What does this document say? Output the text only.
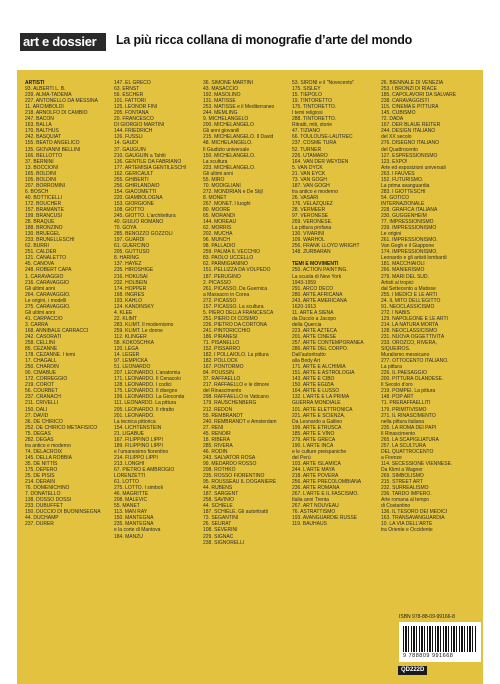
art e dossier	La più ricca collana di monografie d’arte del mondo
ARTISTI
93. ALBERTI L. B.
239. ALMA-TADEMA
227. ANTONELLO DA MESSINA
11. ARCIMBOLDI
218. ARNOLFO DI CAMBIO
247. BACON
163. BALLA
170. BALTHUS
242. BASQUIAT
155. BEATO ANGELICO
135. GIOVANNI BELLINI
166. BELLOTTO
37. BERNINI
13. BOCCIONI
165. BOLDINI
105. BOLDINI
207. BORROMINI
6. BOSCH
40. BOTTICELLI
172. BOUCHER
157. BRAMANTE
199. BRANCUSI
28. BRAQUE
188. BRONZINO
130. BRUEGEL
233. BRUNELLESCHI
62. BURRI
251. CALDER
121. CANALETTO
45. CANOVA
248. ROBERT CAPA
1. CARAVAGGIO
216. CARAVAGGIO
Gli ultimi anni
264. CARAVAGGIO.
Le origini, i modelli
275. CARAVAGGIO.
Gli ultimi anni
41. CARPACCIO
3. CARRÀ
168. ANNIBALE CARRACCI
242. CASORATI
258. CELLINI
85. CÉZANNE
178. CÉZANNE. I temi
17. CHAGALL
250. CHARDIN
90. CIMABUE
172. CORREGGIO
219. COROT
56. COURBET
237. CRANACH
211. CRIVELLI
150. DALÍ
27. DAVID
36. DE CHIRICO
252. DE CHIRICO METAFISICO
75. DEGAS
282. DEGAS
tra antico e moderno
74. DELACROIX
145. DELLA ROBBIA
35. DE NITTIS
175. DEPERO
25. DE PISIS
214. DERAIN
76. DOMENICHINO
7. DONATELLO
138. DOSSO DOSSI
233. DUBUFFET
150. DUCCIO DI BUONINSEGNA
44. DUCHAMP
237. DÜRER
147. EL GRECO
63. ERNST
56. ESCHER
101. FATTORI
125. LEONOR FINI
205. FONTANA
20. FRANCESCO
DI GIORGIO MARTINI
144. FRIEDRICH
126. FÜSSLI
14. GAUDÍ
37. GAUGUIN
210. GAUGUIN a Tahiti
136. GENTILE DA FABRIANO
177. ARTEMISIA GENTILESCHI
162. GERICAULT
255. GHIBERTI
256. GHIRLANDAIO
154. GIACOMETTI
220. GIAMBOLOGNA
153. GIORGIONE
108. GIOTTO
245. GIOTTO. L’architettura
40. GIULIO ROMANO
70. GOYA
285. BENOZZO GOZZOLI
197. GUARDI
61. GUERCINO
205. GUTTUSO
8. HARING
137. HAYEZ
235. HIROSHIGE
216. HOKUSAI
232. HOLBEIN
174. HOPPER
168. INGRES
193. KAHLO
124. KANDINSKY
4. KLEE
22. KLIMT
283. KLIMT. Il modernismo
259. KLIMT. Le donne
112. KLINGER
58. KOKOSCHKA
120. LEGA
14. LÉGER
97. LEMPICKA
51. LEONARDO
207. LEONARDO. L’anatomia
171. LEONARDO. Il Cenacolo
128. LEONARDO. I codici
175. LEONARDO. Il disegno
199. LEONARDO. La Gioconda
111. LEONARDO. La pittura
205. LEONARDO. Il ritratto
201. LEONARDO.
La tecnica pittorica
154. LICHTENSTEIN
21. LIGABUE
167. FILIPPINO LIPPI
189. FILIPPINO LIPPI
e l’umanesimo fiorentino
214. FILIPPO LIPPI
213. LONGHI
67. PIETRO E AMBROGIO
LORENZETTI
61. LOTTO
275. LOTTO. I simboli
46. MAGRITTE
208. MALEVIČ
55. MANET
113. MAN RAY
150. MANTEGNA
235. MANTEGNA
e la corte di Mantova
184. MANZÙ
36. SIMONE MARTINI
43. MASACCIO
192. MASOLINO
131. MATISSE
253. MATISSE e il Mediterraneo
244. MEMLING
9. MICHELANGELO
200. MICHELANGELO
Gli anni giovanili
215. MICHELANGELO. Il David
48. MICHELANGELO.
Il Giudizio universale
150. MICHELANGELO.
La scultura
223. MICHELANGELO.
Gli ultimi anni
55. MIRÓ
70. MODIGLIANI
272. MONDRIAN e De Stijl
8. MONET
267. MONET. I luoghi
80. MOORE
65. MORANDI
144. MOREAU
62. MORRIS
202. MUCHA
96. MUNCH
98. PALLADIO
259. PALMA IL VECCHIO
83. PAOLO UCCELLO
62. PARMIGIANINO
151. PELLIZZA DA VOLPEDO
187. PERUGINO
2. PICASSO
261. PICASSO. Da Guernica
a Massacro in Corea
272. PICASSO
157. PICASSO. La scultura
5. PIERO DELLA FRANCESCA
251. PIERO DI COSIMO
226. PIETRO DA CORTONA
241. PINTORICCHIO
186. PIRANESI
71. PISANELLO
152. PISSARRO
182. I POLLAIOLO. La pittura
182. POLLOCK
167. PONTORMO
84. POUSSIN
37. RAFFAELLO
217. RAFFAELLO e le dimore
del Rinascimento
298. RAFFAELLO in Vaticano
179. RAUSCHENBERG
212. REDON
55. REMBRANDT
240. REMBRANDT e Amsterdam
27. RENI
45. RENOIR
18. RIBERA
285. RIVERA
46. RODIN
243. SALVATOR ROSA
99. MEDARDO ROSSO
208. ROTHKO
235. ROSSO FIORENTINO
95. ROUSSEAU IL DOGANIERE
44. RUBENS
187. SARGENT
258. SAVINIO
44. SCHIELE
187. SCHIELE. Gli autoritratti
73. SEGANTINI
26. SEURAT
108. SEVERINI
229. SIGNAC
238. SIGNORELLI
53. SIRONI e il "Novecento"
175. SISLEY
15. TIEPOLO
19. TINTORETTO
175. TINTORETTO.
I temi religiosi
288. TINTORETTO.
Ritratti, miti, storie
47. TIZIANO
66. TOULOUSE-LAUTREC
237. COSMÈ TURA
52. TURNER
226. UTAMARO
164. VAN DER WEYDEN
5. VAN DYCK
21. VAN EYCK
73. VAN GOGH
187. VAN GOGH
tra antico e moderno
26. VASARI
176. VELÁZQUEZ
28. VERMEER
97. VERONESE
269. VERONESE.
La pittura profana
130. VIVARINI
109. WARHOL
256. FRANK LLOYD WRIGHT
148. ZURBARÁN

TEMI E MOVIMENTI
250. ACTION PAINTING.
La scuola di New York
1943-1959
291. ARCO DECO
280. ARTE AFRICANA
243. ARTE AMERICANA
1620-1913
11. ARTE A SIENA
da Duccio a Jacopo
della Quercia
223. ARTE AZTECA
201. ARTE CINESE
257. ARTE CONTEMPORANEA
286. ARTE DEL CORPO.
Dall’autoritratto
alla Body Art
171. ARTE E ALCHIMIA
151. ARTE E ASTROLOGIA
143. ARTE E CIBO
150. ARTE EGIZIA
164. ARTE E LUSSO
132. L’ARTE E LA PRIMA
GUERRA MONDIALE
101. ARTE ELETTRONICA
221. ARTE E SCIENZA.
Da Leonardo a Galileo
199. ARTE ETRUSCA
185. ARTE E VINO
279. ARTE GRECA
190. L’ARTE INCA
e le culture preispaniche
del Perù
103. ARTE ISLAMICA
244. L’ARTE MAYA
218. ARTE POVERA
256. ARTE PRECOLOMBIANA
236. ARTE ROMANA
267. L’ARTE E IL FASCISMO.
Italia anni Trenta
267. ART NOUVEAU
76. ASTRATTISMO
193. AVANGUARDIE RUSSE
119. BAUHAUS
26. BIENNALE DI VENEZIA
253. I BRONZI DI RIACE
185. CAPOLAVORI DA SALVARE
238. CARAVAGGISTI
115. CINEMA E PITTURA
145. CUBISMO
72. DADA
167. DER BLAUE REITER
244. DESIGN ITALIANO
del XX secolo
276. DISEGNO ITALIANO
del Quattrocento
127. ESPRESSIONISMO
123. EXPO!
Arte ed esposizioni universali
263. I FAUVES
152. FUTURISMO.
La prima avanguardia
283. I GIOTTESCHI
54. GOTICO
INTERNAZIONALE
228. GRAFICA ITALIANA
230. GUGGENHEIM
77. IMPRESSIONISMO
239. IMPRESSIONISMO
Le origini
261. IMPRESSIONISMO.
Van Gogh e il Giappone
174. IMPRESSIONISMO.
Leonardo e gli artisti lombardi
181. MACCHIAIOLI
266. MANIERISMO
279. MARI DEL SUD.
Artisti ai tropici
dal Settecento a Matisse
255. I MEDICI E LE ARTI
24. IL MITO DELL’EGITTO
91. NEOCLASSICISMO
272. I NABIS
129. NAPOLEONE E LE ARTI
214. LA NATURA MORTA
128. NEOCLASSICISMO
231. NUOVA OGGETTIVITÀ
233. OROZCO, RIVERA,
SIQUEIROS.
Muralismo messicano
277. OTTOCENTO ITALIANO.
La pittura
226. IL PAESAGGIO
200. PITTURA OLANDESE.
Il Secolo d’oro
219. POMPEI. La pittura
148. POP ART
71. PRERAFFAELLITI
179. PRIMITIVISMO
271. IL RINASCIMENTO
nella pittura italiana
235. LA ROMA DEI PAPI
Il Rinascimento
265. LA SCAPIGLIATURA
257. LA SCULTURA
DEL QUATTROCENTO
a Firenze
114. SECESSIONE VIENNESE.
Da Klimt a Wagner
269. SIMBOLISMO
215. STREET ART
232. SURREALISMO
236. TARDO IMPERO.
Arte romana al tempo
di Costantino
136. IL TESORO DEI MEDICI
163. TRANSAVANGUARDIA
10. LA VIA DELL’ARTE
tra Oriente e Occidente
ISBN 978-88-09-99166-8
9 788809 991668
QD222D
